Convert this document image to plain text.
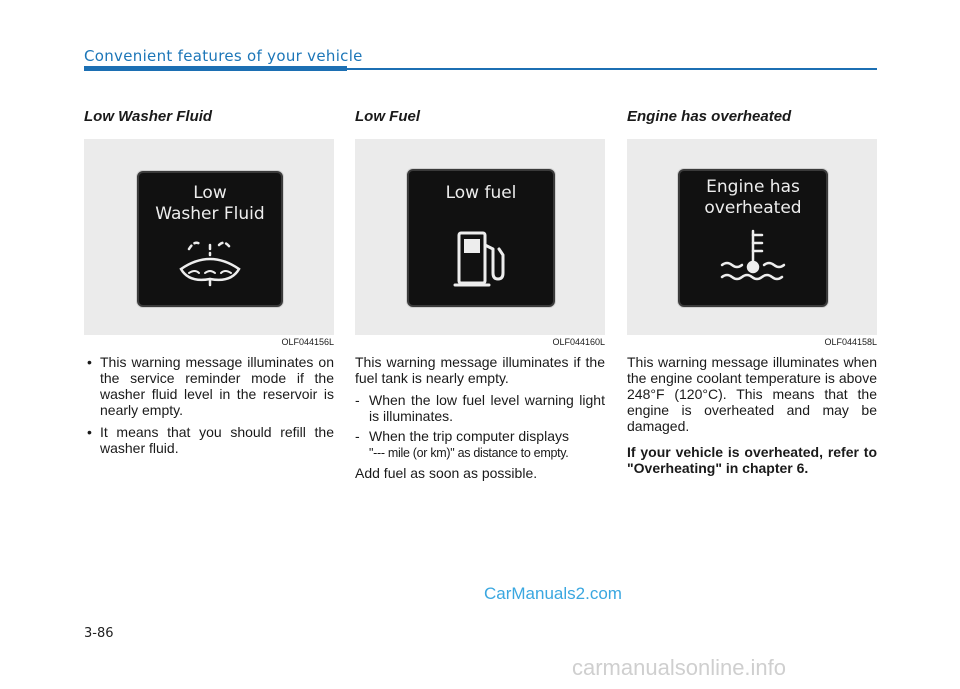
Convenient features of your vehicle
Low Washer Fluid
Low
Washer Fluid
OLF044156L
• This warning message illuminates on the service reminder mode if the washer fluid level in the reservoir is nearly empty.
• It means that you should refill the washer fluid.
Low Fuel
Low fuel
OLF044160L

This warning message illuminates if the fuel tank is nearly empty.

- When the low fuel level warning light is illuminates.
- When the trip computer displays
"--- mile (or km)" as distance to empty.

Add fuel as soon as possible.

Engine has overheated
Engine has
overheated
OLF044158L

This warning message illuminates when the engine coolant temperature is above 248°F (120°C). This means that the engine is overheated and may be damaged.

If your vehicle is overheated, refer to "Overheating" in chapter 6.

CarManuals2.com
3-86
carmanualsonline.info
